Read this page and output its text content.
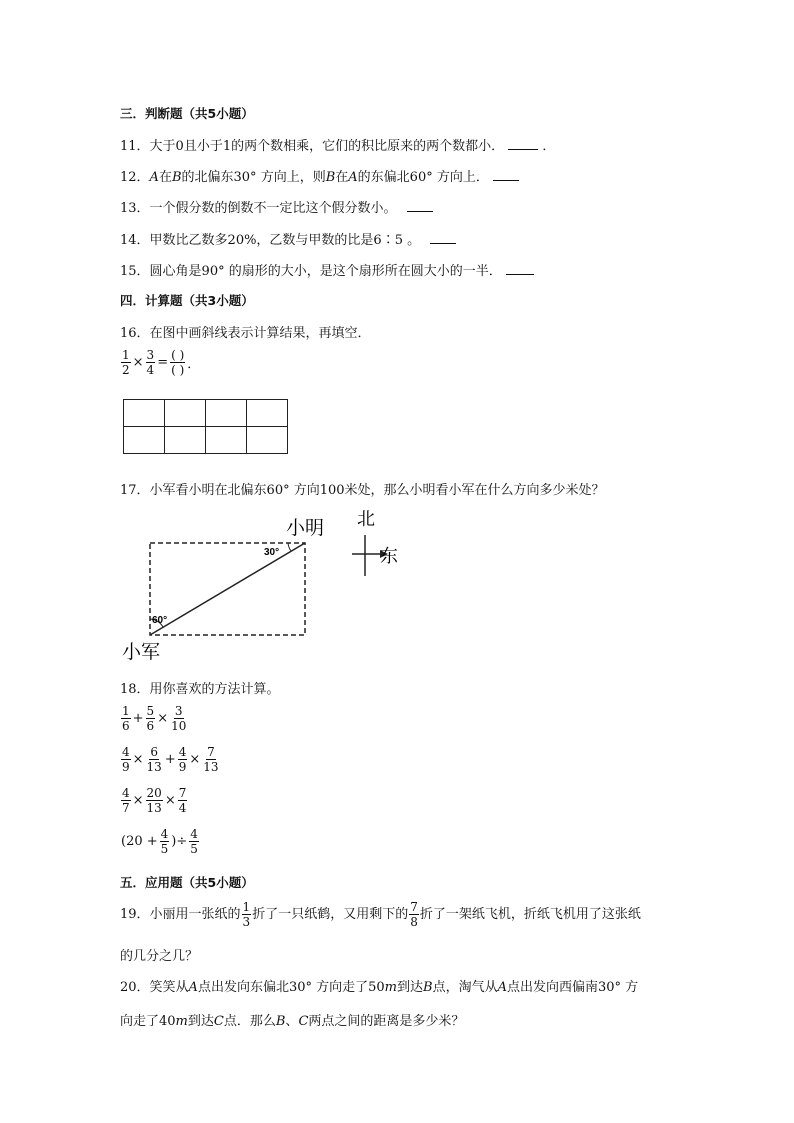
三．判断题（共5小题）
11．大于0且小于1的两个数相乘，它们的积比原来的两个数都小．	．
12．A在B的北偏东30° 方向上，则B在A的东偏北60° 方向上．
13．一个假分数的倒数不一定比这个假分数小。
14．甲数比乙数多20%，乙数与甲数的比是6∶5 。
15．圆心角是90° 的扇形的大小，是这个扇形所在圆大小的一半．
四．计算题（共3小题）
16．在图中画斜线表示计算结果，再填空．
$\frac{1}{2} \times \frac{3}{4} = \frac{( )}{( )}$ ．

17．小军看小明在北偏东60° 方向100米处，那么小明看小军在什么方向多少米处？
30°
60°
小明
小军
北
东
18．用你喜欢的方法计算。
$\frac{1}{6} + \frac{5}{6} \times \frac{3}{10}$
$\frac{4}{9} \times \frac{6}{13} + \frac{4}{9} \times \frac{7}{13}$
$\frac{4}{7} \times \frac{20}{13} \times \frac{7}{4}$
($20 + \frac{4}{5}$ )÷ $\frac{4}{5}$
五．应用题（共5小题）
19．小丽用一张纸的 $\frac{1}{3}$ 折了一只纸鹤，又用剩下的 $\frac{7}{8}$ 折了一架纸飞机，折纸飞机用了这张纸
的几分之几？
20．笑笑从A点出发向东偏北30° 方向走了50m到达B点，淘气从A点出发向西偏南30° 方
向走了40m到达C点．那么B、C两点之间的距离是多少米？
